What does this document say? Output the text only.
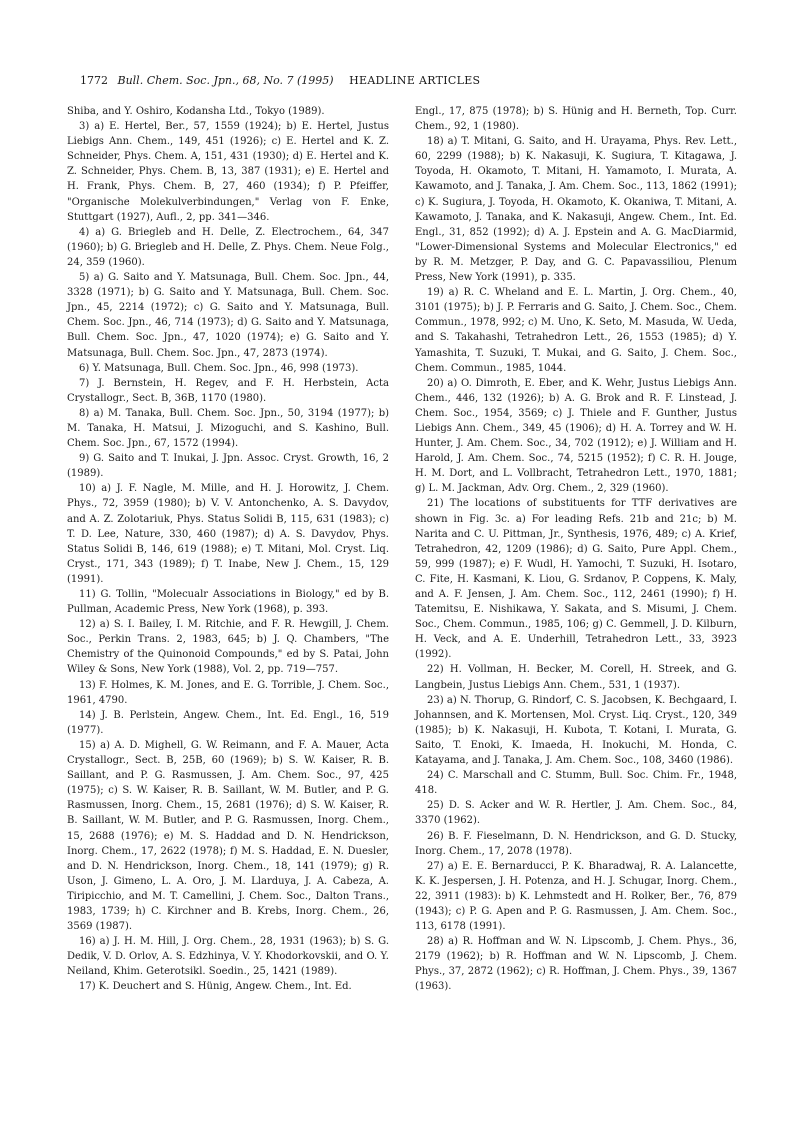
1772 Bull. Chem. Soc. Jpn., 68, No. 7 (1995) HEADLINE ARTICLES

Shiba, and Y. Oshiro, Kodansha Ltd., Tokyo (1989).

3) a) E. Hertel, Ber., 57, 1559 (1924); b) E. Hertel, Justus Liebigs Ann. Chem., 149, 451 (1926); c) E. Hertel and K. Z. Schneider, Phys. Chem. A, 151, 431 (1930); d) E. Hertel and K. Z. Schneider, Phys. Chem. B, 13, 387 (1931); e) E. Hertel and H. Frank, Phys. Chem. B, 27, 460 (1934); f) P. Pfeiffer, "Organische Molekulverbindungen," Verlag von F. Enke, Stuttgart (1927), Aufl., 2, pp. 341—346.

4) a) G. Briegleb and H. Delle, Z. Electrochem., 64, 347 (1960); b) G. Briegleb and H. Delle, Z. Phys. Chem. Neue Folg., 24, 359 (1960).

5) a) G. Saito and Y. Matsunaga, Bull. Chem. Soc. Jpn., 44, 3328 (1971); b) G. Saito and Y. Matsunaga, Bull. Chem. Soc. Jpn., 45, 2214 (1972); c) G. Saito and Y. Matsunaga, Bull. Chem. Soc. Jpn., 46, 714 (1973); d) G. Saito and Y. Matsunaga, Bull. Chem. Soc. Jpn., 47, 1020 (1974); e) G. Saito and Y. Matsunaga, Bull. Chem. Soc. Jpn., 47, 2873 (1974).

6) Y. Matsunaga, Bull. Chem. Soc. Jpn., 46, 998 (1973).

7) J. Bernstein, H. Regev, and F. H. Herbstein, Acta Crystallogr., Sect. B, 36B, 1170 (1980).

8) a) M. Tanaka, Bull. Chem. Soc. Jpn., 50, 3194 (1977); b) M. Tanaka, H. Matsui, J. Mizoguchi, and S. Kashino, Bull. Chem. Soc. Jpn., 67, 1572 (1994).

9) G. Saito and T. Inukai, J. Jpn. Assoc. Cryst. Growth, 16, 2 (1989).

10) a) J. F. Nagle, M. Mille, and H. J. Horowitz, J. Chem. Phys., 72, 3959 (1980); b) V. V. Antonchenko, A. S. Davydov, and A. Z. Zolotariuk, Phys. Status Solidi B, 115, 631 (1983); c) T. D. Lee, Nature, 330, 460 (1987); d) A. S. Davydov, Phys. Status Solidi B, 146, 619 (1988); e) T. Mitani, Mol. Cryst. Liq. Cryst., 171, 343 (1989); f) T. Inabe, New J. Chem., 15, 129 (1991).

11) G. Tollin, "Molecualr Associations in Biology," ed by B. Pullman, Academic Press, New York (1968), p. 393.

12) a) S. I. Bailey, I. M. Ritchie, and F. R. Hewgill, J. Chem. Soc., Perkin Trans. 2, 1983, 645; b) J. Q. Chambers, "The Chemistry of the Quinonoid Compounds," ed by S. Patai, John Wiley & Sons, New York (1988), Vol. 2, pp. 719—757.

13) F. Holmes, K. M. Jones, and E. G. Torrible, J. Chem. Soc., 1961, 4790.

14) J. B. Perlstein, Angew. Chem., Int. Ed. Engl., 16, 519 (1977).

15) a) A. D. Mighell, G. W. Reimann, and F. A. Mauer, Acta Crystallogr., Sect. B, 25B, 60 (1969); b) S. W. Kaiser, R. B. Saillant, and P. G. Rasmussen, J. Am. Chem. Soc., 97, 425 (1975); c) S. W. Kaiser, R. B. Saillant, W. M. Butler, and P. G. Rasmussen, Inorg. Chem., 15, 2681 (1976); d) S. W. Kaiser, R. B. Saillant, W. M. Butler, and P. G. Rasmussen, Inorg. Chem., 15, 2688 (1976); e) M. S. Haddad and D. N. Hendrickson, Inorg. Chem., 17, 2622 (1978); f) M. S. Haddad, E. N. Duesler, and D. N. Hendrickson, Inorg. Chem., 18, 141 (1979); g) R. Uson, J. Gimeno, L. A. Oro, J. M. Llarduya, J. A. Cabeza, A. Tiripicchio, and M. T. Camellini, J. Chem. Soc., Dalton Trans., 1983, 1739; h) C. Kirchner and B. Krebs, Inorg. Chem., 26, 3569 (1987).

16) a) J. H. M. Hill, J. Org. Chem., 28, 1931 (1963); b) S. G. Dedik, V. D. Orlov, A. S. Edzhinya, V. Y. Khodorkovskii, and O. Y. Neiland, Khim. Geterotsikl. Soedin., 25, 1421 (1989).

17) K. Deuchert and S. Hünig, Angew. Chem., Int. Ed.

Engl., 17, 875 (1978); b) S. Hünig and H. Berneth, Top. Curr. Chem., 92, 1 (1980).

18) a) T. Mitani, G. Saito, and H. Urayama, Phys. Rev. Lett., 60, 2299 (1988); b) K. Nakasuji, K. Sugiura, T. Kitagawa, J. Toyoda, H. Okamoto, T. Mitani, H. Yamamoto, I. Murata, A. Kawamoto, and J. Tanaka, J. Am. Chem. Soc., 113, 1862 (1991); c) K. Sugiura, J. Toyoda, H. Okamoto, K. Okaniwa, T. Mitani, A. Kawamoto, J. Tanaka, and K. Nakasuji, Angew. Chem., Int. Ed. Engl., 31, 852 (1992); d) A. J. Epstein and A. G. MacDiarmid, "Lower-Dimensional Systems and Molecular Electronics," ed by R. M. Metzger, P. Day, and G. C. Papavassiliou, Plenum Press, New York (1991), p. 335.

19) a) R. C. Wheland and E. L. Martin, J. Org. Chem., 40, 3101 (1975); b) J. P. Ferraris and G. Saito, J. Chem. Soc., Chem. Commun., 1978, 992; c) M. Uno, K. Seto, M. Masuda, W. Ueda, and S. Takahashi, Tetrahedron Lett., 26, 1553 (1985); d) Y. Yamashita, T. Suzuki, T. Mukai, and G. Saito, J. Chem. Soc., Chem. Commun., 1985, 1044.

20) a) O. Dimroth, E. Eber, and K. Wehr, Justus Liebigs Ann. Chem., 446, 132 (1926); b) A. G. Brok and R. F. Linstead, J. Chem. Soc., 1954, 3569; c) J. Thiele and F. Gunther, Justus Liebigs Ann. Chem., 349, 45 (1906); d) H. A. Torrey and W. H. Hunter, J. Am. Chem. Soc., 34, 702 (1912); e) J. William and H. Harold, J. Am. Chem. Soc., 74, 5215 (1952); f) C. R. H. Jouge, H. M. Dort, and L. Vollbracht, Tetrahedron Lett., 1970, 1881; g) L. M. Jackman, Adv. Org. Chem., 2, 329 (1960).

21) The locations of substituents for TTF derivatives are shown in Fig. 3c. a) For leading Refs. 21b and 21c; b) M. Narita and C. U. Pittman, Jr., Synthesis, 1976, 489; c) A. Krief, Tetrahedron, 42, 1209 (1986); d) G. Saito, Pure Appl. Chem., 59, 999 (1987); e) F. Wudl, H. Yamochi, T. Suzuki, H. Isotaro, C. Fite, H. Kasmani, K. Liou, G. Srdanov, P. Coppens, K. Maly, and A. F. Jensen, J. Am. Chem. Soc., 112, 2461 (1990); f) H. Tatemitsu, E. Nishikawa, Y. Sakata, and S. Misumi, J. Chem. Soc., Chem. Commun., 1985, 106; g) C. Gemmell, J. D. Kilburn, H. Veck, and A. E. Underhill, Tetrahedron Lett., 33, 3923 (1992).

22) H. Vollman, H. Becker, M. Corell, H. Streek, and G. Langbein, Justus Liebigs Ann. Chem., 531, 1 (1937).

23) a) N. Thorup, G. Rindorf, C. S. Jacobsen, K. Bechgaard, I. Johannsen, and K. Mortensen, Mol. Cryst. Liq. Cryst., 120, 349 (1985); b) K. Nakasuji, H. Kubota, T. Kotani, I. Murata, G. Saito, T. Enoki, K. Imaeda, H. Inokuchi, M. Honda, C. Katayama, and J. Tanaka, J. Am. Chem. Soc., 108, 3460 (1986).

24) C. Marschall and C. Stumm, Bull. Soc. Chim. Fr., 1948, 418.

25) D. S. Acker and W. R. Hertler, J. Am. Chem. Soc., 84, 3370 (1962).

26) B. F. Fieselmann, D. N. Hendrickson, and G. D. Stucky, Inorg. Chem., 17, 2078 (1978).

27) a) E. E. Bernarducci, P. K. Bharadwaj, R. A. Lalancette, K. K. Jespersen, J. H. Potenza, and H. J. Schugar, Inorg. Chem., 22, 3911 (1983): b) K. Lehmstedt and H. Rolker, Ber., 76, 879 (1943); c) P. G. Apen and P. G. Rasmussen, J. Am. Chem. Soc., 113, 6178 (1991).

28) a) R. Hoffman and W. N. Lipscomb, J. Chem. Phys., 36, 2179 (1962); b) R. Hoffman and W. N. Lipscomb, J. Chem. Phys., 37, 2872 (1962); c) R. Hoffman, J. Chem. Phys., 39, 1367 (1963).
